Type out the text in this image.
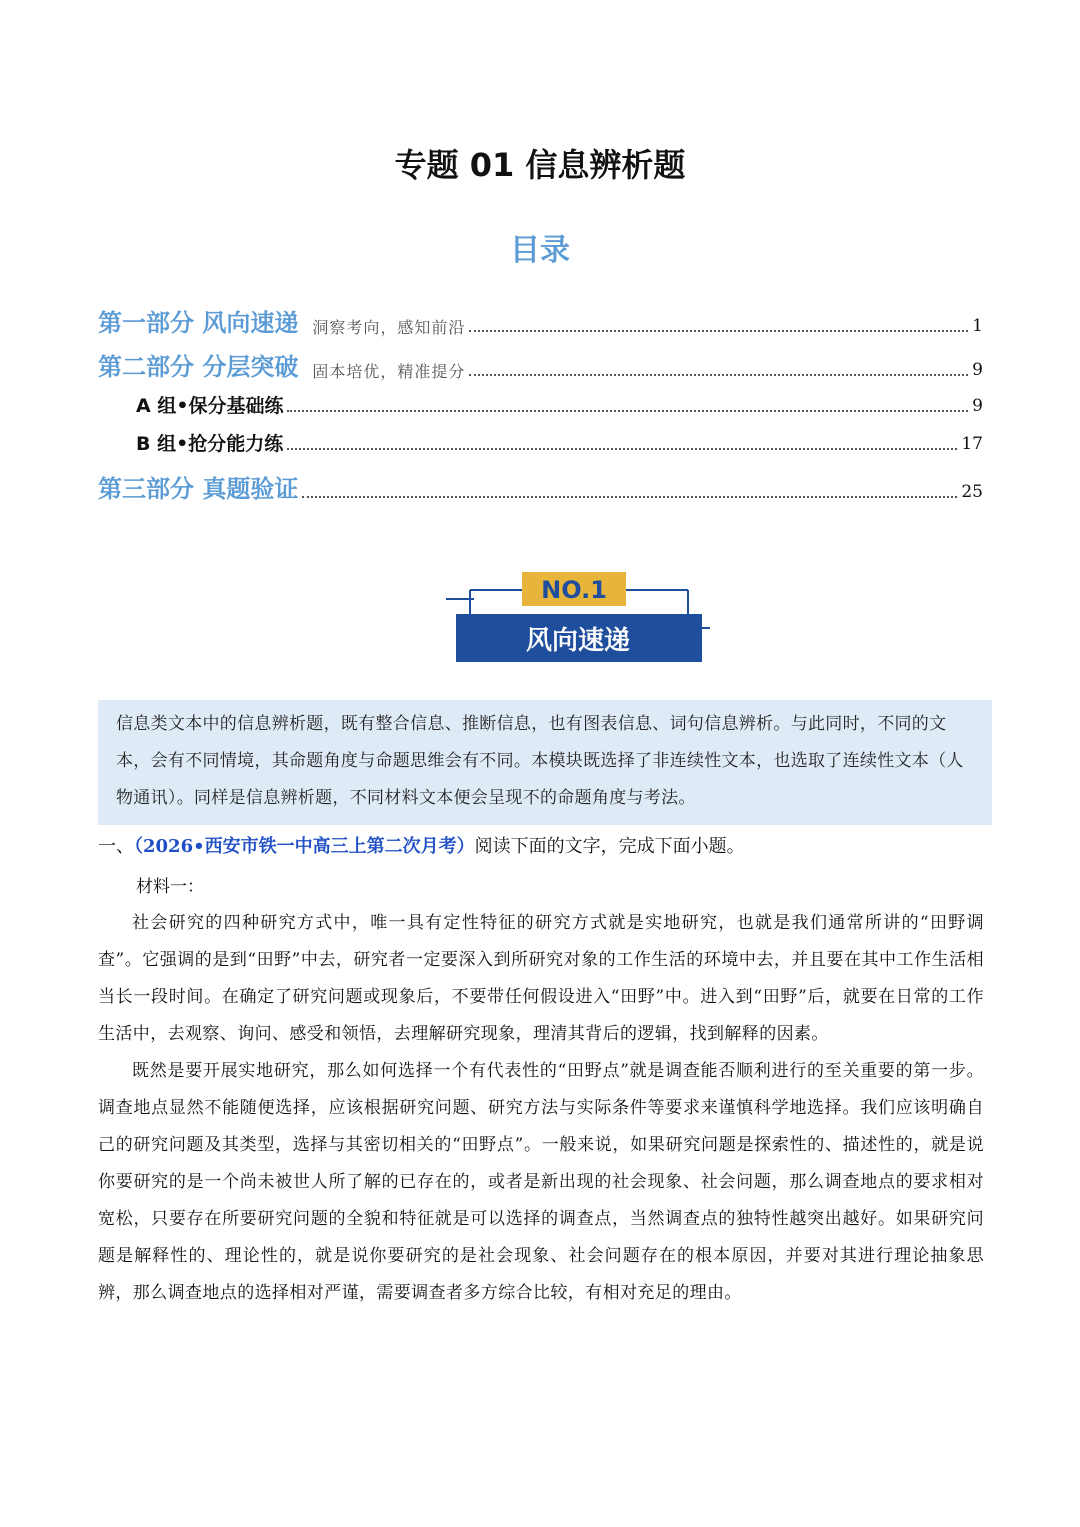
专题 01 信息辨析题
目录
第一部分 风向速递 洞察考向，感知前沿	1
第二部分 分层突破 固本培优，精准提分	9
A 组•保分基础练	9
B 组•抢分能力练	17
第三部分 真题验证	25
NO.1
风向速递
信息类文本中的信息辨析题，既有整合信息、推断信息，也有图表信息、词句信息辨析。与此同时，不同的文本，会有不同情境，其命题角度与命题思维会有不同。本模块既选择了非连续性文本，也选取了连续性文本（人物通讯）。同样是信息辨析题，不同材料文本便会呈现不的命题角度与考法。
一、（2026•西安市铁一中高三上第二次月考）阅读下面的文字，完成下面小题。
材料一：

社会研究的四种研究方式中，唯一具有定性特征的研究方式就是实地研究，也就是我们通常所讲的“田野调查”。它强调的是到“田野”中去，研究者一定要深入到所研究对象的工作生活的环境中去，并且要在其中工作生活相当长一段时间。在确定了研究问题或现象后，不要带任何假设进入“田野”中。进入到“田野”后，就要在日常的工作生活中，去观察、询问、感受和领悟，去理解研究现象，理清其背后的逻辑，找到解释的因素。

既然是要开展实地研究，那么如何选择一个有代表性的“田野点”就是调查能否顺利进行的至关重要的第一步。调查地点显然不能随便选择，应该根据研究问题、研究方法与实际条件等要求来谨慎科学地选择。我们应该明确自己的研究问题及其类型，选择与其密切相关的“田野点”。一般来说，如果研究问题是探索性的、描述性的，就是说你要研究的是一个尚未被世人所了解的已存在的，或者是新出现的社会现象、社会问题，那么调查地点的要求相对宽松，只要存在所要研究问题的全貌和特征就是可以选择的调查点，当然调查点的独特性越突出越好。如果研究问题是解释性的、理论性的，就是说你要研究的是社会现象、社会问题存在的根本原因，并要对其进行理论抽象思辨，那么调查地点的选择相对严谨，需要调查者多方综合比较，有相对充足的理由。
